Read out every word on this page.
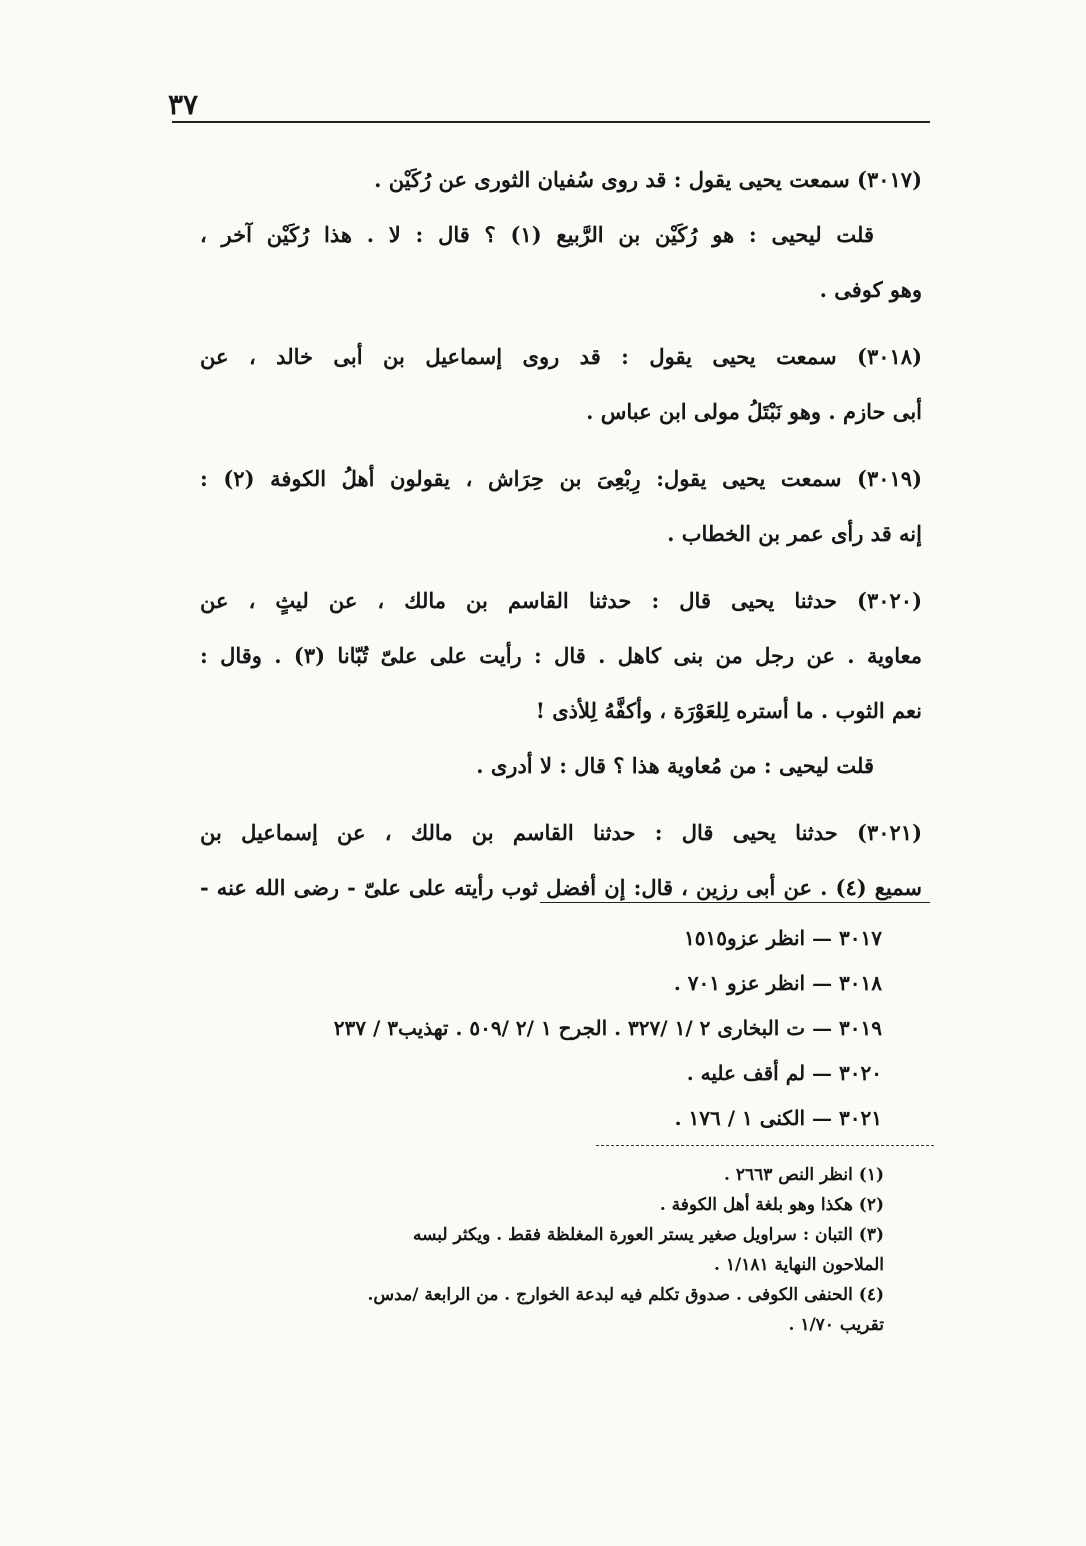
٣٧
(٣٠١٧) سمعت يحيى يقول : قد روى سُفيان الثورى عن رُكَيْن .
قلت ليحيى : هو رُكَيْن بن الرَّبيع (١) ؟ قال : لا . هذا رُكَيْن آخر ،
وهو كوفى .
(٣٠١٨) سمعت يحيى يقول : قد روى إسماعيل بن أبى خالد ، عن
أبى حازم . وهو نَبْتَلُ مولى ابن عباس .
(٣٠١٩) سمعت يحيى يقول: رِبْعِىَ بن حِرَاش ، يقولون أهلُ الكوفة (٢) :
إنه قد رأى عمر بن الخطاب .
(٣٠٢٠) حدثنا يحيى قال : حدثنا القاسم بن مالك ، عن ليثٍ ، عن
معاوية . عن رجل من بنى كاهل . قال : رأيت على علىّ تُبّانا (٣) . وقال :
نعم الثوب . ما أستره لِلعَوْرَة ، وأكفَّهُ لِلأذى !
قلت ليحيى : من مُعاوية هذا ؟ قال : لا أدرى .
(٣٠٢١) حدثنا يحيى قال : حدثنا القاسم بن مالك ، عن إسماعيل بن
سميع (٤) . عن أبى رزين ، قال: إن أفضل ثوب رأيته على علىّ - رضى الله عنه -
٣٠١٧ — انظر عزو١٥١٥
٣٠١٨ — انظر عزو ٧٠١ .
٣٠١٩ — ت البخارى ٢ /١ /٣٢٧ . الجرح ١ /٢ /٥٠٩ . تهذيب٣ / ٢٣٧
٣٠٢٠ — لم أقف عليه .
٣٠٢١ — الكنى ١ / ١٧٦ .
(١) انظر النص ٢٦٦٣ .
(٢) هكذا وهو بلغة أهل الكوفة .
(٣) التبان : سراويل صغير يستر العورة المغلظة فقط . ويكثر لبسه
الملاحون النهاية ١/١٨١ .
(٤) الحنفى الكوفى . صدوق تكلم فيه لبدعة الخوارج . من الرابعة /مدس.
تقريب ١/٧٠ .
